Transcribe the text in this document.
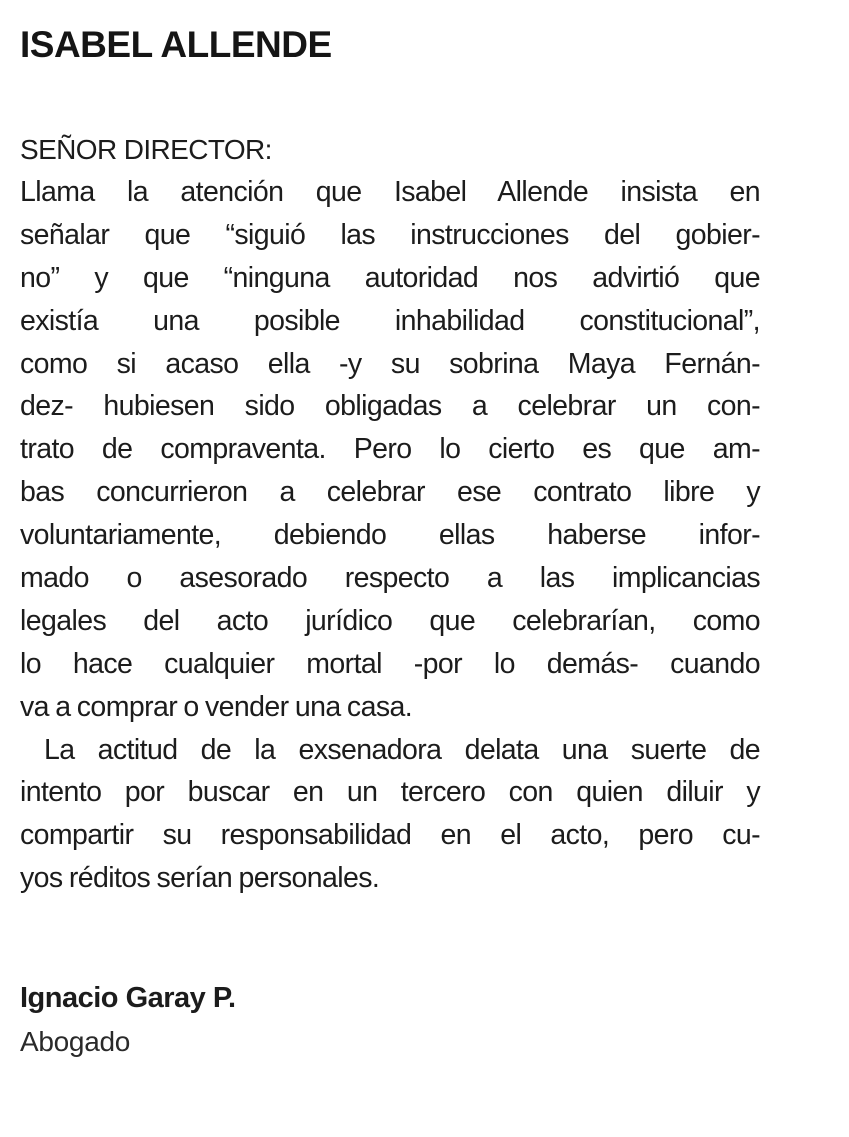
ISABEL ALLENDE

SEÑOR DIRECTOR:

Llama la atención que Isabel Allende insista en
señalar que “siguió las instrucciones del gobier-
no” y que “ninguna autoridad nos advirtió que
existía una posible inhabilidad constitucional”,
como si acaso ella -y su sobrina Maya Fernán-
dez- hubiesen sido obligadas a celebrar un con-
trato de compraventa. Pero lo cierto es que am-
bas concurrieron a celebrar ese contrato libre y
voluntariamente, debiendo ellas haberse infor-
mado o asesorado respecto a las implicancias
legales del acto jurídico que celebrarían, como
lo hace cualquier mortal -por lo demás- cuando
va a comprar o vender una casa.
La actitud de la exsenadora delata una suerte de
intento por buscar en un tercero con quien diluir y
compartir su responsabilidad en el acto, pero cu-
yos réditos serían personales.

Ignacio Garay P.

Abogado
